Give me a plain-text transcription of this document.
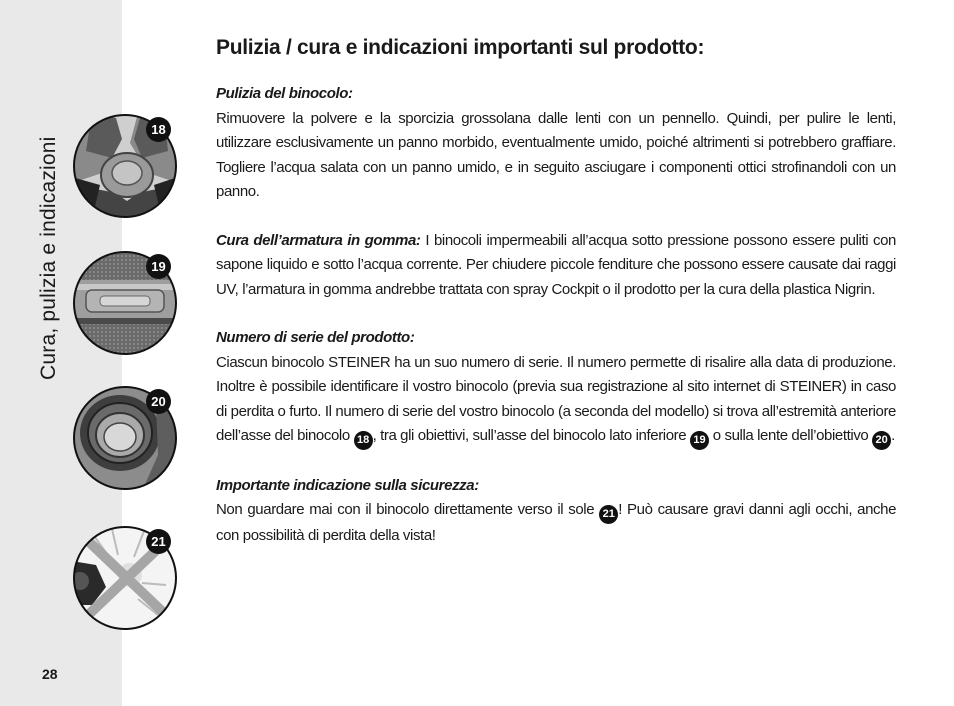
Cura, pulizia e indicazioni
28
18
19
20
21
Pulizia / cura e indicazioni importanti sul prodotto:

Pulizia del binocolo:
Rimuovere la polvere e la sporcizia grossolana dalle lenti con un pennello. Quindi, per pulire le lenti, utilizzare esclusivamente un panno morbido, eventualmente umido, poiché altrimenti si potrebbero graffiare. Togliere l’acqua salata con un panno umido, e in seguito asciugare i componenti ottici strofinandoli con un panno.

Cura dell’armatura in gomma: I binocoli impermeabili all’acqua sotto pressione possono essere puliti con sapone liquido e sotto l’acqua corrente. Per chiudere piccole fenditure che possono essere causate dai raggi UV, l’armatura in gomma andrebbe trattata con spray Cockpit o il prodotto per la cura della plastica Nigrin.

Numero di serie del prodotto:
Ciascun binocolo STEINER ha un suo numero di serie. Il numero permette di risalire alla data di produzione. Inoltre è possibile identificare il vostro binocolo (previa sua registrazione al sito internet di STEINER) in caso di perdita o furto. Il numero di serie del vostro binocolo (a seconda del modello) si trova all’estremità anteriore dell’asse del binocolo 18 , tra gli obiettivi, sull’asse del binocolo lato inferiore 19 o sulla lente dell’obiettivo 20 .

Importante indicazione sulla sicurezza:
Non guardare mai con il binocolo direttamente verso il sole 21 ! Può causare gravi danni agli occhi, anche con possibilità di perdita della vista!
